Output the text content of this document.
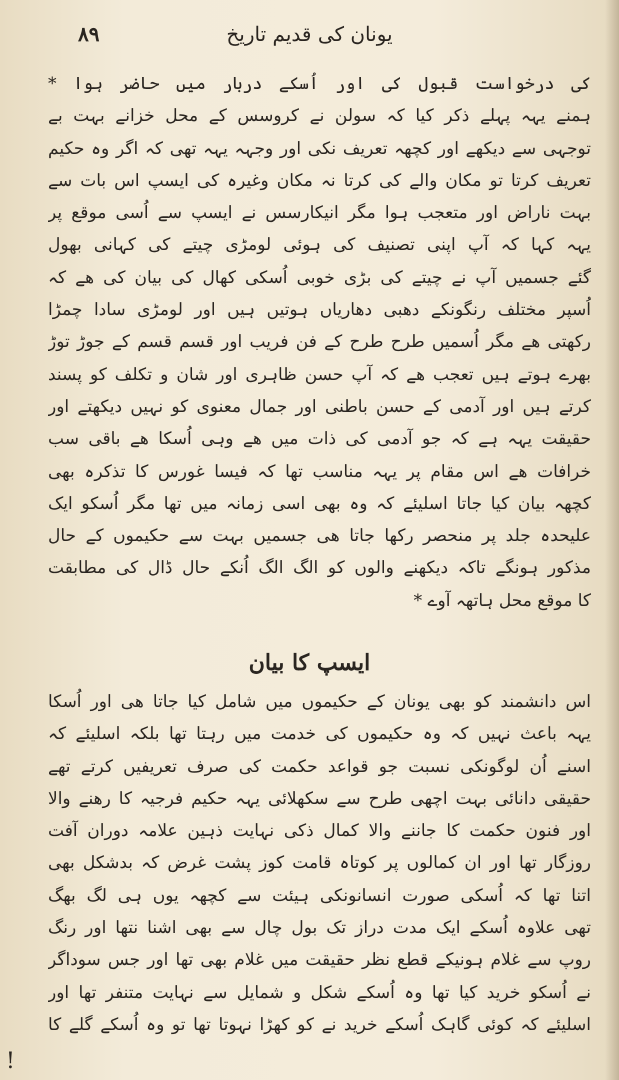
یونان کی قدیم تاریخ
٨٩
کی درخواست قبول کی اور اُسکے دربار میں حاضر ہوا *
ہمنے یہہ پہلے ذکر کیا کہ سولن نے کروسس کے محل خزانے بہت بے
توجہی سے دیکھے اور کچھہ تعریف نکی اور وجہہ یہہ تھی کہ اگر وہ حکیم
تعریف کرتا تو مکان والے کی کرتا نہ مکان وغیرہ کی ایسپ اس بات سے
بہت ناراض اور متعجب ہوا مگر انیکارسس نے ایسپ سے اُسی موقع پر
یہہ کہا کہ آپ اپنی تصنیف کی ہوئی لومڑی چیتے کی کہانی بھول
گئے جسمیں آپ نے چیتے کی بڑی خوبی اُسکی کھال کی بیان کی ھے کہ
اُسپر مختلف رنگونکے دھبی دھاریاں ہوتیں ہیں اور لومڑی سادا چمڑا
رکھتی ھے مگر اُسمیں طرح طرح کے فن فریب اور قسم قسم کے جوڑ توڑ
بھرے ہوتے ہیں تعجب ھے کہ آپ حسن ظاہری اور شان و تکلف کو پسند
کرتے ہیں اور آدمی کے حسن باطنی اور جمال معنوی کو نہیں دیکھتے اور
حقیقت یہہ ہے کہ جو آدمی کی ذات میں ھے وہی اُسکا ھے باقی سب
خرافات ھے اس مقام پر یہہ مناسب تھا کہ فیسا غورس کا تذکرہ بھی
کچھہ بیان کیا جاتا اسلیئے کہ وہ بھی اسی زمانہ میں تھا مگر اُسکو ایک
علیحدہ جلد پر منحصر رکھا جاتا ھی جسمیں بہت سے حکیموں کے حال
مذکور ہونگے تاکہ دیکھنے والوں کو الگ الگ اُنکے حال ڈال کی مطابقت
کا موقع محل ہاتھہ آوے *
ایسپ کا بیان
اس دانشمند کو بھی یونان کے حکیموں میں شامل کیا جاتا ھی اور اُسکا
یہہ باعث نہیں کہ وہ حکیموں کی خدمت میں رہتا تھا بلکہ اسلیئے کہ
اسنے اُن لوگونکی نسبت جو قواعد حکمت کی صرف تعریفیں کرتے تھے
حقیقی دانائی بہت اچھی طرح سے سکھلائی یہہ حکیم فرجیہ کا رھنے والا
اور فنون حکمت کا جاننے والا کمال ذکی نہایت ذہین علامہ دوران آفت
روزگار تھا اور ان کمالوں پر کوتاہ قامت کوز پشت غرض کہ بدشکل بھی
اتنا تھا کہ اُسکی صورت انسانونکی ہیئت سے کچھہ یوں ہی لگ بھگ
تھی علاوہ اُسکے ایک مدت دراز تک بول چال سے بھی اشنا نتھا اور رنگ
روپ سے غلام ہونیکے قطع نظر حقیقت میں غلام بھی تھا اور جس سوداگر
نے اُسکو خرید کیا تھا وہ اُسکے شکل و شمایل سے نہایت متنفر تھا اور
اسلیئے کہ کوئی گاہک اُسکے خرید نے کو کھڑا نہوتا تھا تو وہ اُسکے گلے کا
!
